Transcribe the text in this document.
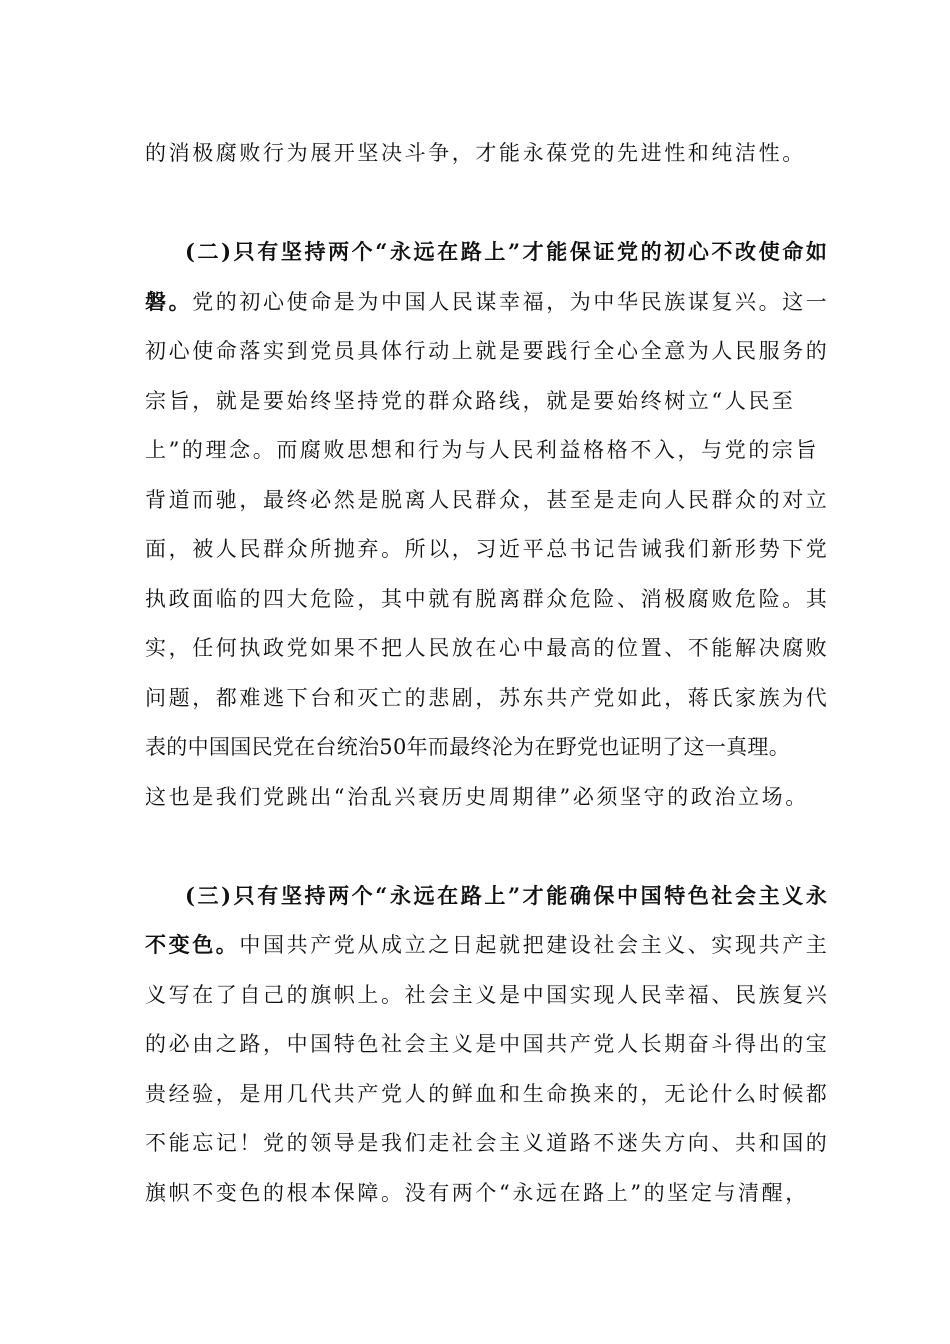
的消极腐败行为展开坚决斗争，才能永葆党的先进性和纯洁性。
(二)只有坚持两个“永远在路上”才能保证党的初心不改使命如
磐。党的初心使命是为中国人民谋幸福，为中华民族谋复兴。这一
初心使命落实到党员具体行动上就是要践行全心全意为人民服务的
宗旨，就是要始终坚持党的群众路线，就是要始终树立“人民至
上”的理念。而腐败思想和行为与人民利益格格不入，与党的宗旨
背道而驰，最终必然是脱离人民群众，甚至是走向人民群众的对立
面，被人民群众所抛弃。所以，习近平总书记告诫我们新形势下党
执政面临的四大危险，其中就有脱离群众危险、消极腐败危险。其
实，任何执政党如果不把人民放在心中最高的位置、不能解决腐败
问题，都难逃下台和灭亡的悲剧，苏东共产党如此，蒋氏家族为代
表的中国国民党在台统治50年而最终沦为在野党也证明了这一真理。
这也是我们党跳出“治乱兴衰历史周期律”必须坚守的政治立场。
(三)只有坚持两个“永远在路上”才能确保中国特色社会主义永
不变色。中国共产党从成立之日起就把建设社会主义、实现共产主
义写在了自己的旗帜上。社会主义是中国实现人民幸福、民族复兴
的必由之路，中国特色社会主义是中国共产党人长期奋斗得出的宝
贵经验，是用几代共产党人的鲜血和生命换来的，无论什么时候都
不能忘记！党的领导是我们走社会主义道路不迷失方向、共和国的
旗帜不变色的根本保障。没有两个“永远在路上”的坚定与清醒，
